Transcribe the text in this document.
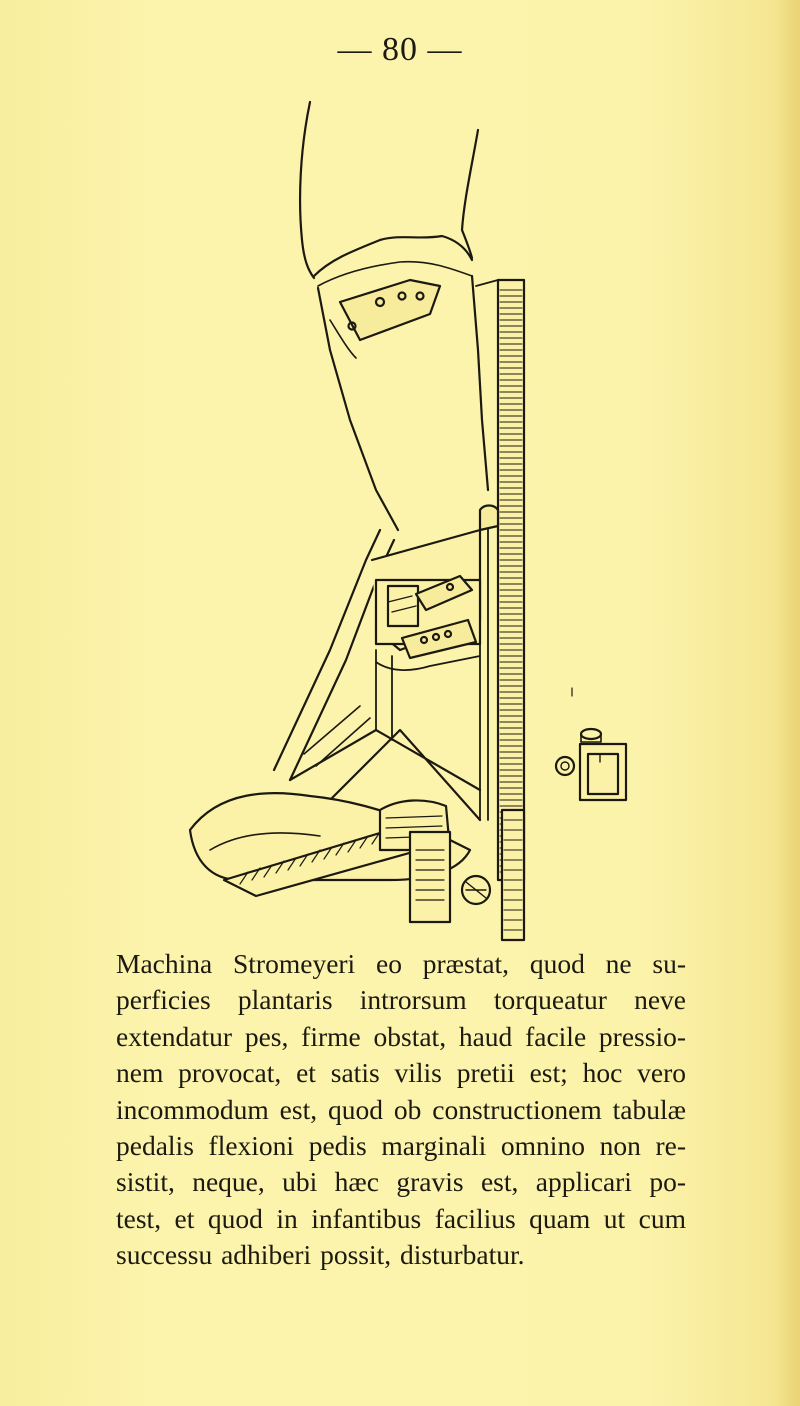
— 80 —
Machina Stromeyeri eo præstat, quod ne su-
perficies plantaris introrsum torqueatur neve
extendatur pes, firme obstat, haud facile pressio-
nem provocat, et satis vilis pretii est; hoc vero
incommodum est, quod ob constructionem tabulæ
pedalis flexioni pedis marginali omnino non re-
sistit, neque, ubi hæc gravis est, applicari po-
test, et quod in infantibus facilius quam ut cum
successu adhiberi possit, disturbatur.
